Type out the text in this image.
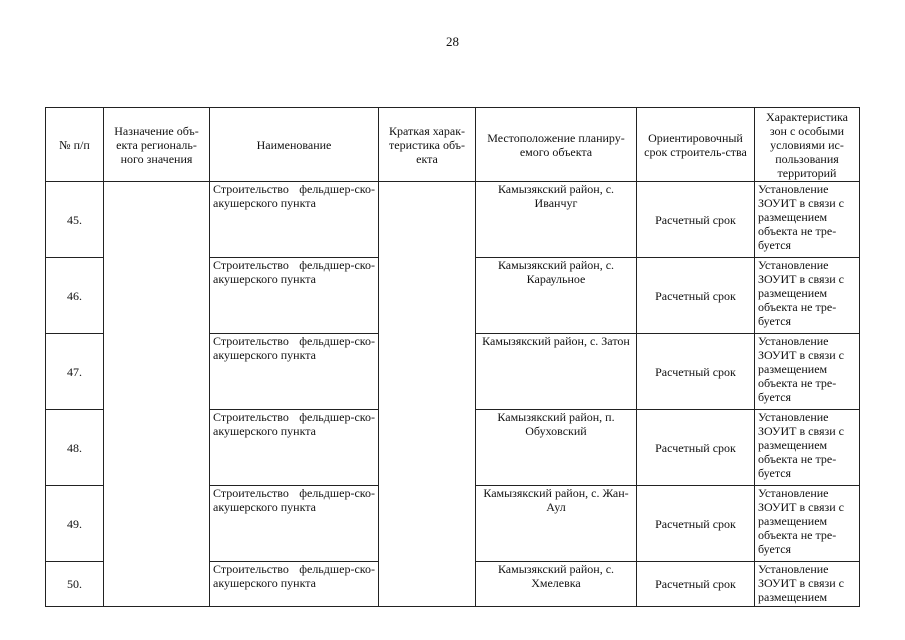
28
№ п/п	Назначение объ-екта региональ-ного значения	Наименование	Краткая харак-теристика объ-екта	Местоположение планиру-емого объекта	Ориентировочный срок строитель-ства	Характеристика зон с особыми условиями ис-пользования территорий
45.		Строительство фельдшер-ско-акушерского пункта		Камызякский район, с. Иванчуг	Расчетный срок	Установление ЗОУИТ в связи с размещением объекта не тре-буется
46.		Строительство фельдшер-ско-акушерского пункта		Камызякский район, с. Караульное	Расчетный срок	Установление ЗОУИТ в связи с размещением объекта не тре-буется
47.		Строительство фельдшер-ско-акушерского пункта		Камызякский район, с. Затон	Расчетный срок	Установление ЗОУИТ в связи с размещением объекта не тре-буется
48.		Строительство фельдшер-ско-акушерского пункта		Камызякский район, п. Обуховский	Расчетный срок	Установление ЗОУИТ в связи с размещением объекта не тре-буется
49.		Строительство фельдшер-ско-акушерского пункта		Камызякский район, с. Жан-Аул	Расчетный срок	Установление ЗОУИТ в связи с размещением объекта не тре-буется
50.		Строительство фельдшер-ско-акушерского пункта		Камызякский район, с. Хмелевка	Расчетный срок	Установление ЗОУИТ в связи с размещением
